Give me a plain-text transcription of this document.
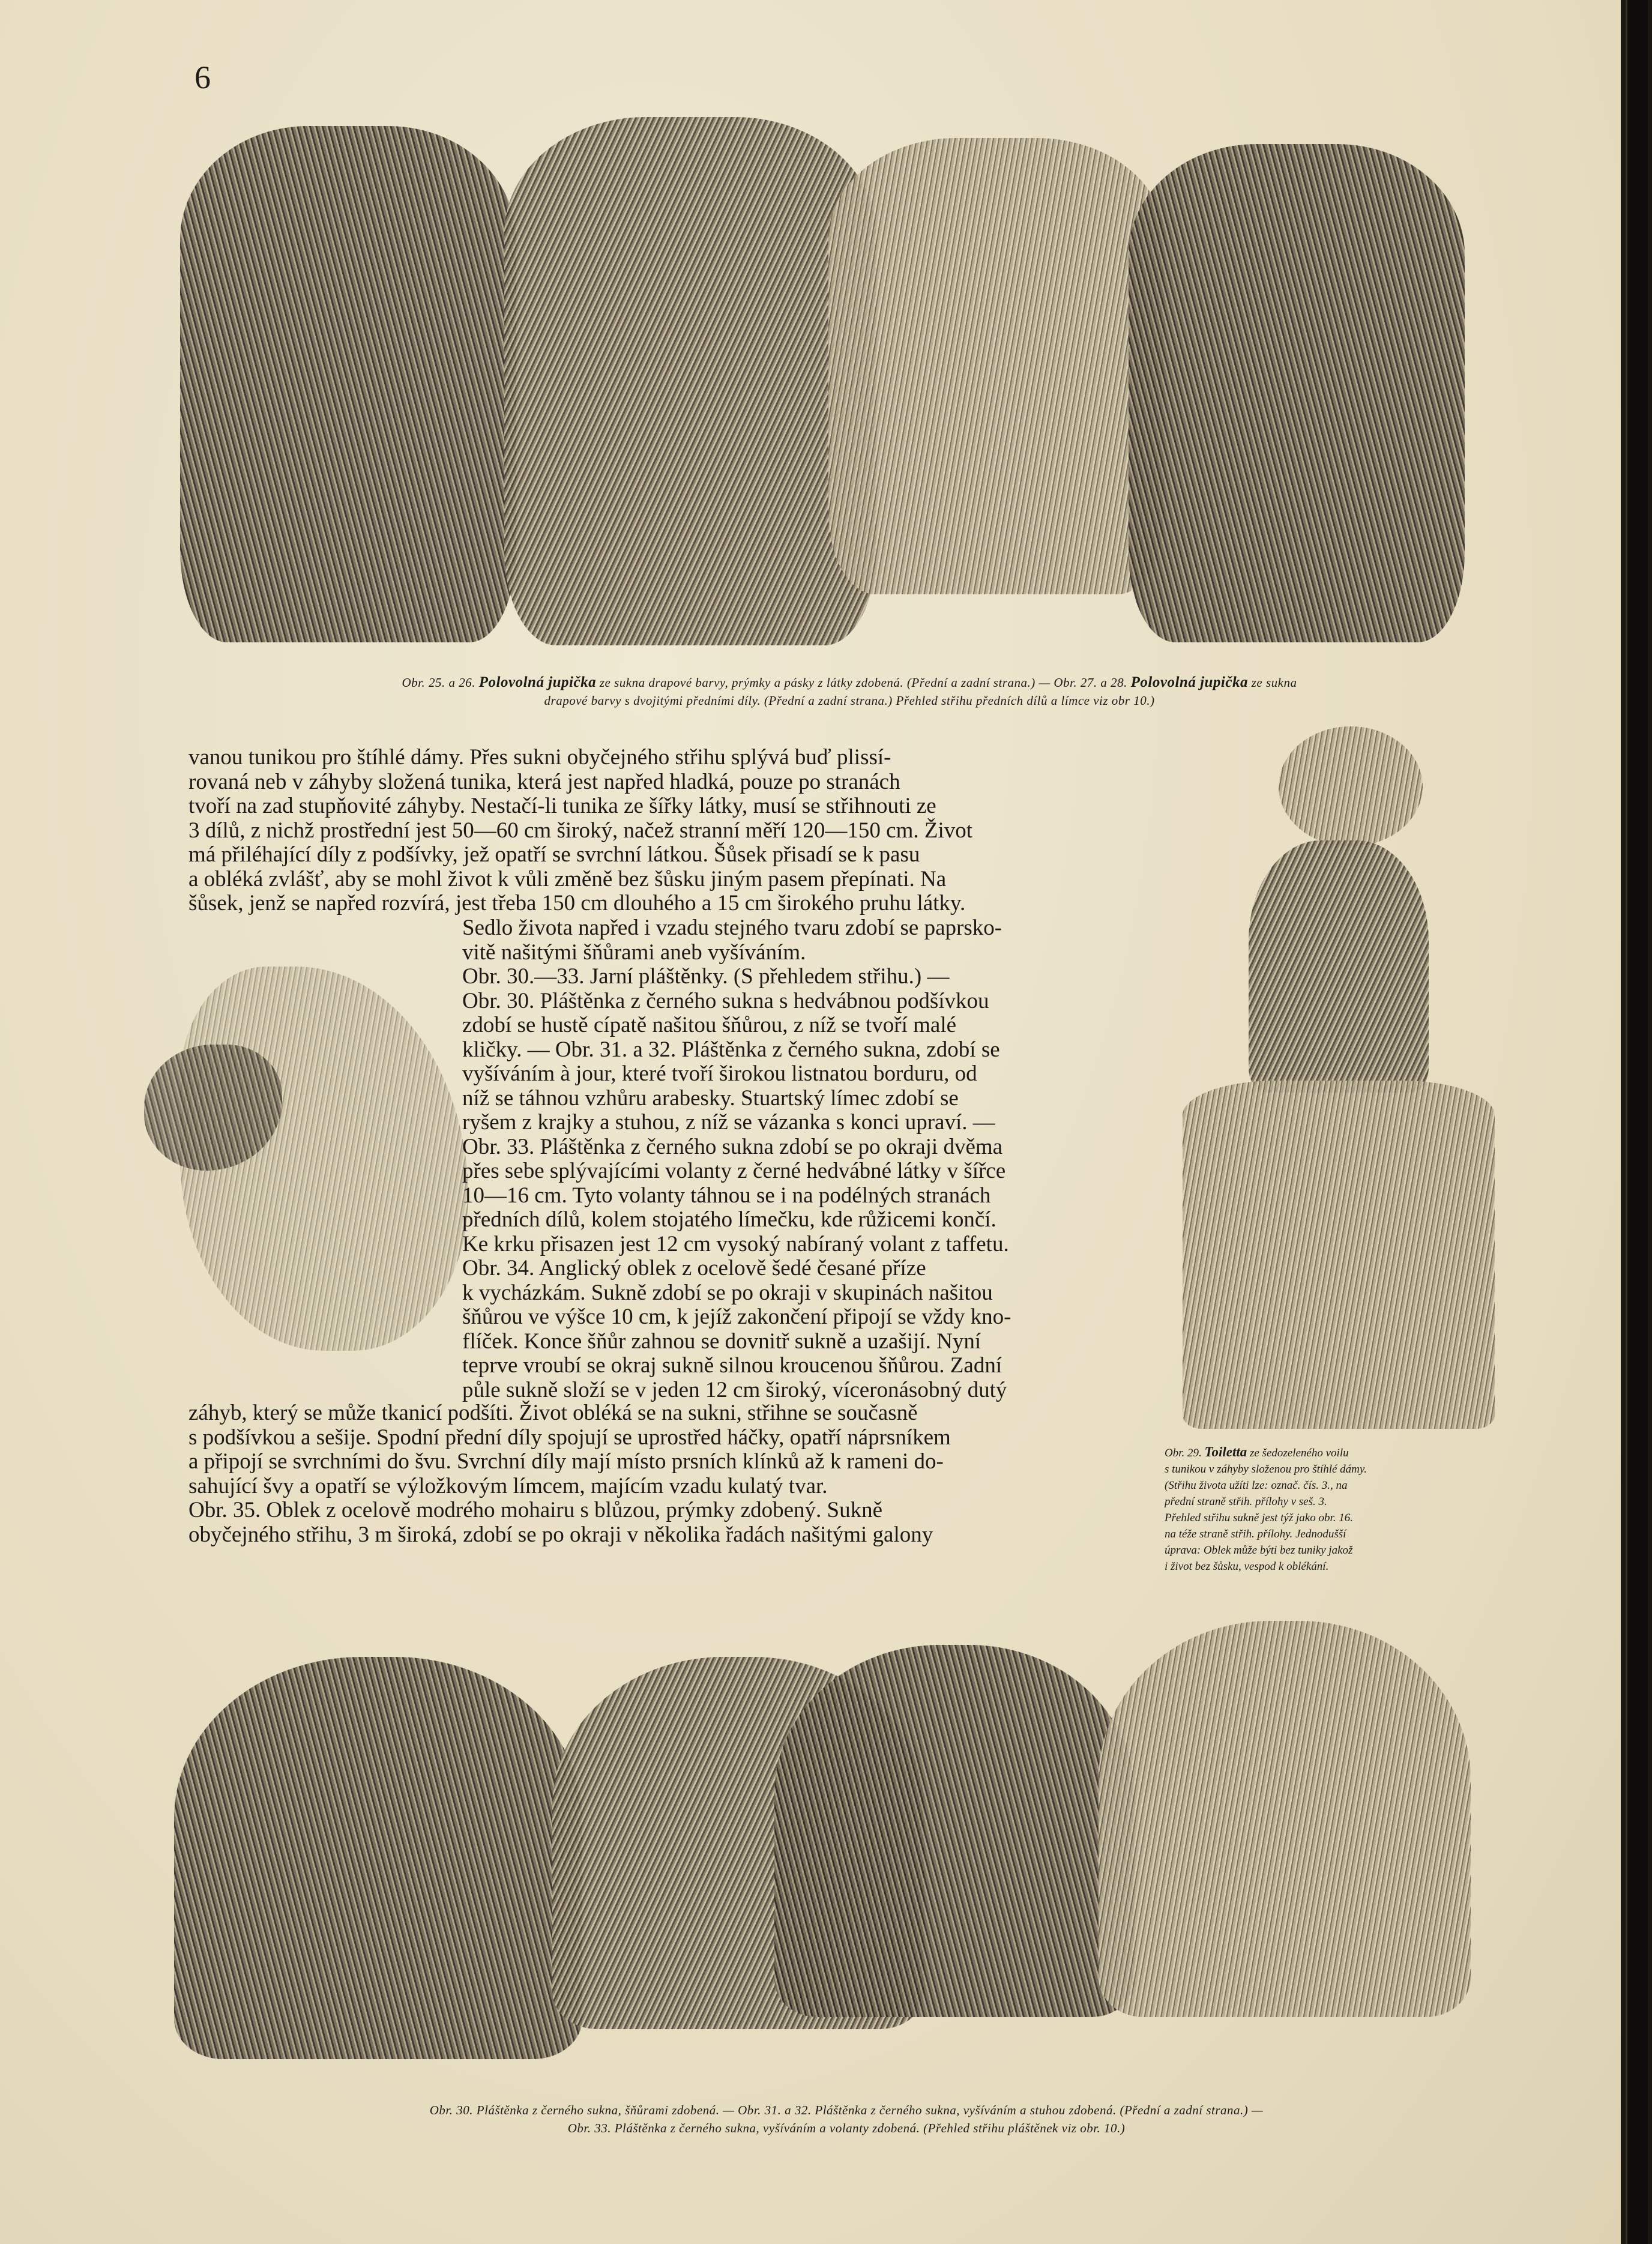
6
Obr. 25. a 26. Polovolná jupička ze sukna drapové barvy, prýmky a pásky z látky zdobená. (Přední a zadní strana.) — Obr. 27. a 28. Polovolná jupička ze sukna
drapové barvy s dvojitými předními díly. (Přední a zadní strana.) Přehled střihu předních dílů a límce viz obr 10.)
vanou tunikou pro štíhlé dámy. Přes sukni obyčejného střihu splývá buď plissí-
rovaná neb v záhyby složená tunika, která jest napřed hladká, pouze po stranách
tvoří na zad stupňovité záhyby. Nestačí-li tunika ze šířky látky, musí se střihnouti ze
3 dílů, z nichž prostřední jest 50—60 cm široký, načež stranní měří 120—150 cm. Život
má přiléhající díly z podšívky, jež opatří se svrchní látkou. Šůsek přisadí se k pasu
a obléká zvlášť, aby se mohl život k vůli změně bez šůsku jiným pasem přepínati. Na
šůsek, jenž se napřed rozvírá, jest třeba 150 cm dlouhého a 15 cm širokého pruhu látky.
Sedlo života napřed i vzadu stejného tvaru zdobí se paprsko-
vitě našitými šňůrami aneb vyšíváním.
Obr. 30.—33. Jarní pláštěnky. (S přehledem střihu.) —
Obr. 30. Pláštěnka z černého sukna s hedvábnou podšívkou
zdobí se hustě cípatě našitou šňůrou, z níž se tvoří malé
kličky. — Obr. 31. a 32. Pláštěnka z černého sukna, zdobí se
vyšíváním à jour, které tvoří širokou listnatou borduru, od
níž se táhnou vzhůru arabesky. Stuartský límec zdobí se
ryšem z krajky a stuhou, z níž se vázanka s konci upraví. —
Obr. 33. Pláštěnka z černého sukna zdobí se po okraji dvěma
přes sebe splývajícími volanty z černé hedvábné látky v šířce
10—16 cm. Tyto volanty táhnou se i na podélných stranách
předních dílů, kolem stojatého límečku, kde růžicemi končí.
Ke krku přisazen jest 12 cm vysoký nabíraný volant z taffetu.
Obr. 34. Anglický oblek z ocelově šedé česané příze
k vycházkám. Sukně zdobí se po okraji v skupinách našitou
šňůrou ve výšce 10 cm, k jejíž zakončení připojí se vždy kno-
flíček. Konce šňůr zahnou se dovnitř sukně a uzašijí. Nyní
teprve vroubí se okraj sukně silnou kroucenou šňůrou. Zadní
půle sukně složí se v jeden 12 cm široký, víceronásobný dutý
záhyb, který se může tkanicí podšíti. Život obléká se na sukni, střihne se současně
s podšívkou a sešije. Spodní přední díly spojují se uprostřed háčky, opatří náprsníkem
a připojí se svrchními do švu. Svrchní díly mají místo prsních klínků až k rameni do-
sahující švy a opatří se výložkovým límcem, majícím vzadu kulatý tvar.
Obr. 35. Oblek z ocelově modrého mohairu s blůzou, prýmky zdobený. Sukně
obyčejného střihu, 3 m široká, zdobí se po okraji v několika řadách našitými galony
Obr. 29. Toiletta ze šedozeleného voilu
s tunikou v záhyby složenou pro štíhlé dámy.
(Střihu života užíti lze: označ. čís. 3., na
přední straně střih. přílohy v seš. 3.
Přehled střihu sukně jest týž jako obr. 16.
na téže straně střih. přílohy. Jednodušší
úprava: Oblek může býti bez tuniky jakož
i život bez šůsku, vespod k oblékání.
Obr. 30. Pláštěnka z černého sukna, šňůrami zdobená. — Obr. 31. a 32. Pláštěnka z černého sukna, vyšíváním a stuhou zdobená. (Přední a zadní strana.) —
Obr. 33. Pláštěnka z černého sukna, vyšíváním a volanty zdobená. (Přehled střihu pláštěnek viz obr. 10.)
